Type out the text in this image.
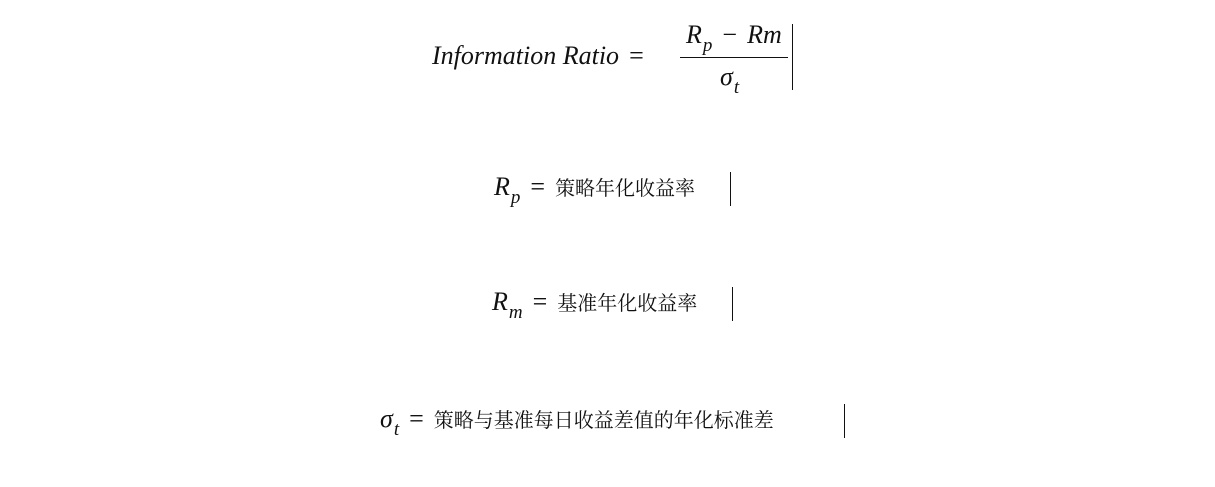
Information Ratio =
$R_p - Rm$
$\sigma_t$
$R_p$ = 策略年化收益率
$R_m$ = 基准年化收益率
$\sigma_t$ = 策略与基准每日收益差值的年化标准差
